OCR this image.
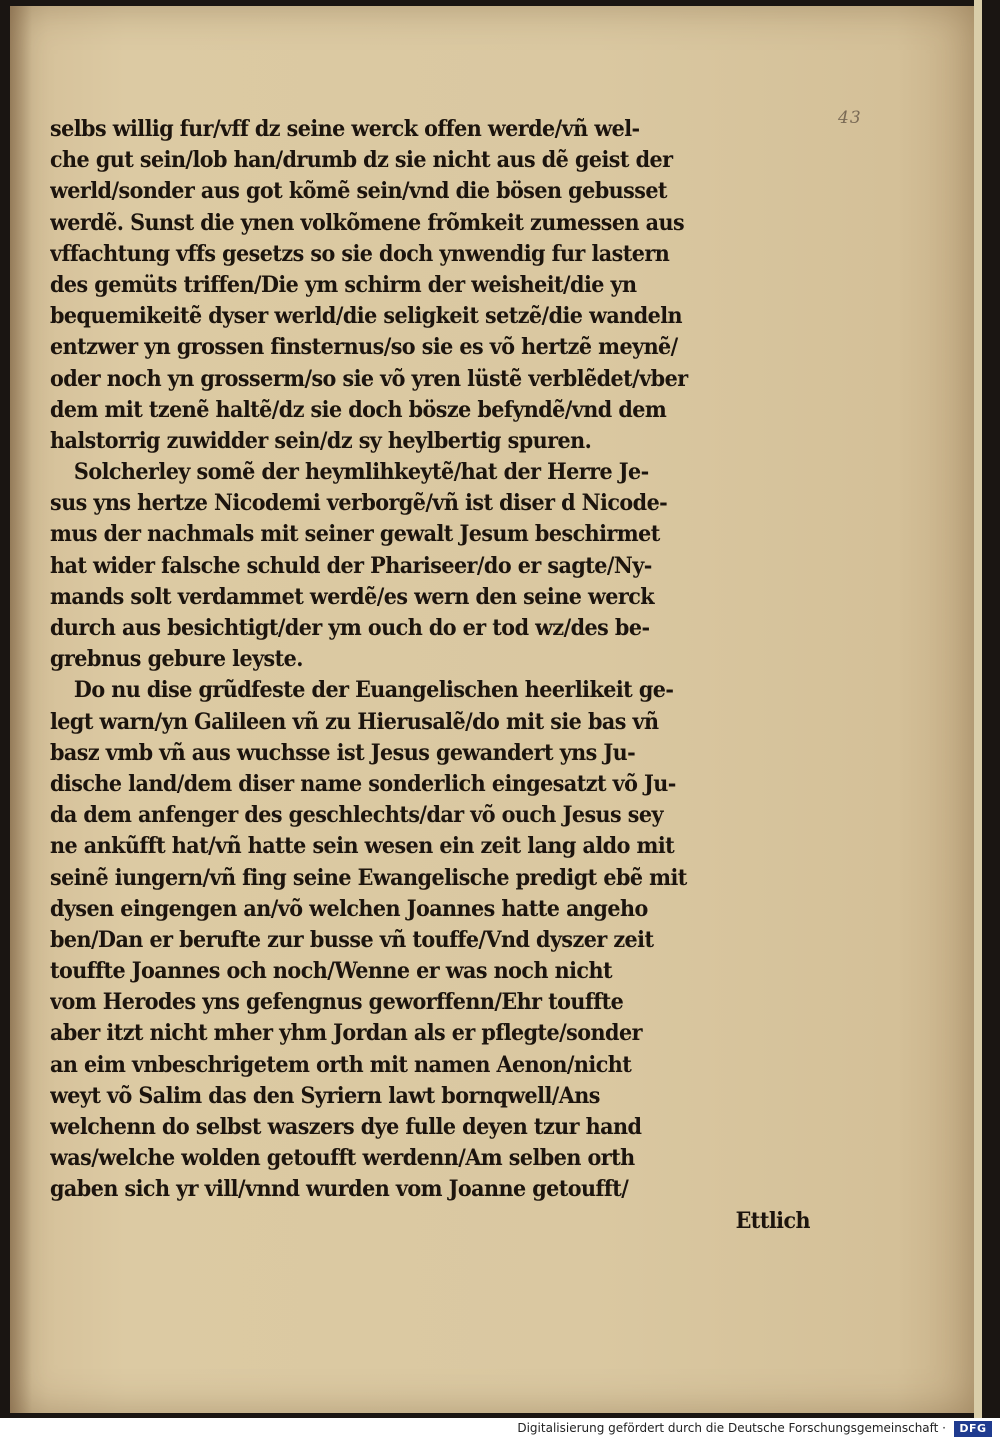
selbs willig fur/vff dz seine werck offen werde/vñ wel-
che gut sein/lob han/drumb dz sie nicht aus dẽ geist der
werld/sonder aus got kõmẽ sein/vnd die bösen gebusset
werdẽ. Sunst die ynen volkõmene frõmkeit zumessen aus
vffachtung vffs gesetzs so sie doch ynwendig fur lastern
des gemüts triffen/Die ym schirm der weisheit/die yn
bequemikeitẽ dyser werld/die seligkeit setzẽ/die wandeln
entzwer yn grossen finsternus/so sie es võ hertzẽ meynẽ/
oder noch yn grosserm/so sie võ yren lüstẽ verblẽdet/vber
dem mit tzenẽ haltẽ/dz sie doch bösze befyndẽ/vnd dem
halstorrig zuwidder sein/dz sy heylbertig spuren.
Solcherley somẽ der heymlihkeytẽ/hat der Herre Je-
sus yns hertze Nicodemi verborgẽ/vñ ist diser d Nicode-
mus der nachmals mit seiner gewalt Jesum beschirmet
hat wider falsche schuld der Phariseer/do er sagte/Ny-
mands solt verdammet werdẽ/es wern den seine werck
durch aus besichtigt/der ym ouch do er tod wz/des be-
grebnus gebure leyste.
Do nu dise grũdfeste der Euangelischen heerlikeit ge-
legt warn/yn Galileen vñ zu Hierusalẽ/do mit sie bas vñ
basz vmb vñ aus wuchsse ist Jesus gewandert yns Ju-
dische land/dem diser name sonderlich eingesatzt võ Ju-
da dem anfenger des geschlechts/dar võ ouch Jesus sey
ne ankũfft hat/vñ hatte sein wesen ein zeit lang aldo mit
seinẽ iungern/vñ fing seine Ewangelische predigt ebẽ mit
dysen eingengen an/võ welchen Joannes hatte angeho
ben/Dan er berufte zur busse vñ touffe/Vnd dyszer zeit
touffte Joannes och noch/Wenne er was noch nicht
vom Herodes yns gefengnus geworffenn/Ehr touffte
aber itzt nicht mher yhm Jordan als er pflegte/sonder
an eim vnbeschrigetem orth mit namen Aenon/nicht
weyt võ Salim das den Syriern lawt bornqwell/Ans
welchenn do selbst waszers dye fulle deyen tzur hand
was/welche wolden getoufft werdenn/Am selben orth
gaben sich yr vill/vnnd wurden vom Joanne getoufft/
Ettlich
43
Digitalisierung gefördert durch die Deutsche Forschungsgemeinschaft ·	DFG
